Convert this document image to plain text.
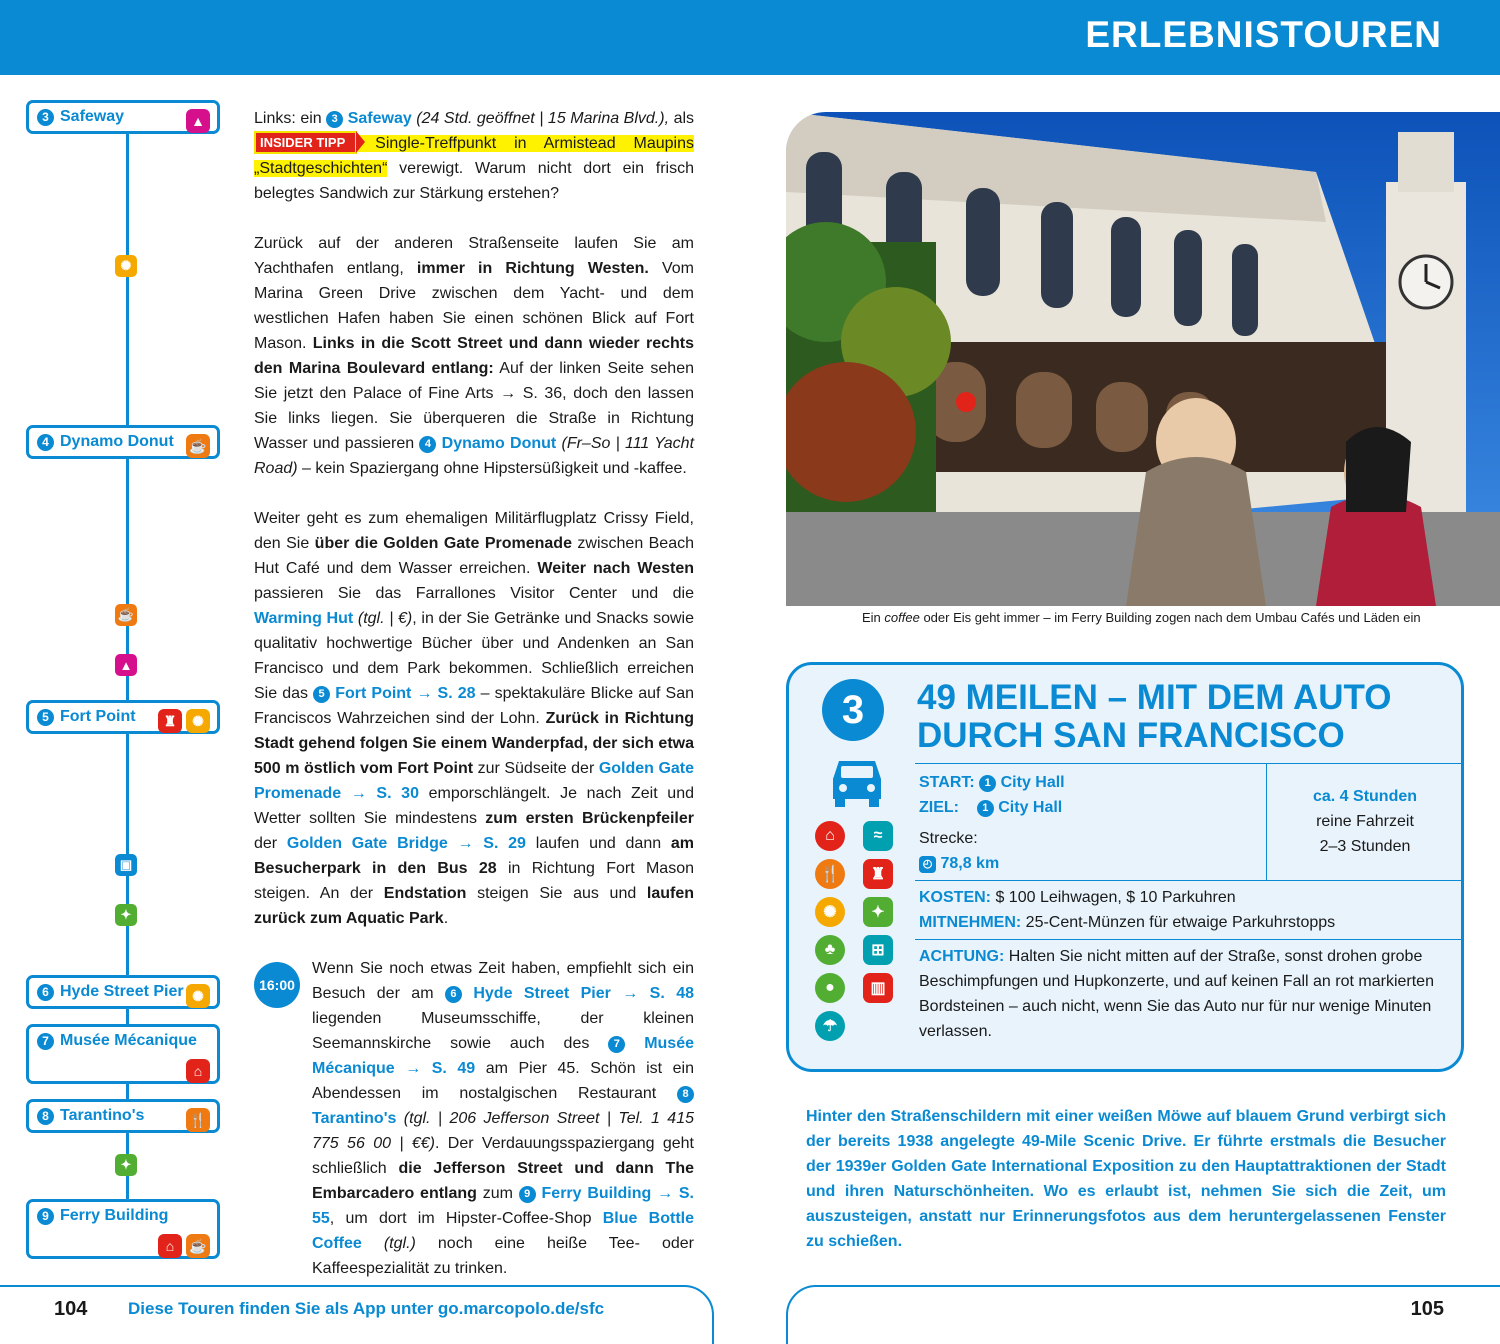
ERLEBNISTOUREN
3 Safeway	▲
✺
4 Dynamo Donut ☕
☕
▲
5 Fort Point	♜	✺
▣
✦
6 Hyde Street Pier ✺
7 Musée Mécanique
⌂
8 Tarantino's	🍴
✦
9 Ferry Building
⌂	☕

Links: ein 3 Safeway (24 Std. geöffnet | 15 Marina Blvd.), als INSIDER TIPP Single-Treffpunkt in Armistead Maupins „Stadtgeschichten“ verewigt. Warum nicht dort ein frisch belegtes Sandwich zur Stärkung erstehen?

Zurück auf der anderen Straßenseite laufen Sie am Yachthafen entlang, immer in Richtung Westen. Vom Marina Green Drive zwischen dem Yacht- und dem westlichen Hafen haben Sie einen schönen Blick auf Fort Mason. Links in die Scott Street und dann wieder rechts den Marina Boulevard entlang: Auf der linken Seite sehen Sie jetzt den Palace of Fine Arts → S. 36, doch den lassen Sie links liegen. Sie überqueren die Straße in Richtung Wasser und passieren 4 Dynamo Donut (Fr–So | 111 Yacht Road) – kein Spaziergang ohne Hipstersüßigkeit und -kaffee.

Weiter geht es zum ehemaligen Militärflugplatz Crissy Field, den Sie über die Golden Gate Promenade zwischen Beach Hut Café und dem Wasser erreichen. Weiter nach Westen passieren Sie das Farrallones Visitor Center und die Warming Hut (tgl. | €), in der Sie Getränke und Snacks sowie qualitativ hochwertige Bücher über und Andenken an San Francisco und dem Park bekommen. Schließlich erreichen Sie das 5 Fort Point → S. 28 – spektakuläre Blicke auf San Franciscos Wahrzeichen sind der Lohn. Zurück in Richtung Stadt gehend folgen Sie einem Wanderpfad, der sich etwa 500 m östlich vom Fort Point zur Südseite der Golden Gate Promenade → S. 30 emporschlängelt. Je nach Zeit und Wetter sollten Sie mindestens zum ersten Brückenpfeiler der Golden Gate Bridge → S. 29 laufen und dann am Besucherpark in den Bus 28 in Richtung Fort Mason steigen. An der Endstation steigen Sie aus und laufen zurück zum Aquatic Park.

16:00
Wenn Sie noch etwas Zeit haben, empfiehlt sich ein Besuch der am 6 Hyde Street Pier → S. 48 liegenden Museumsschiffe, der kleinen Seemannskirche sowie auch des 7 Musée Mécanique → S. 49 am Pier 45. Schön ist ein Abendessen im nostalgischen Restaurant 8 Tarantino's (tgl. | 206 Jefferson Street | Tel. 1 415 775 56 00 | €€). Der Verdauungsspaziergang geht schließlich die Jefferson Street und dann The Embarcadero entlang zum 9 Ferry Building → S. 55, um dort im Hipster-Coffee-Shop Blue Bottle Coffee (tgl.) noch eine heiße Tee- oder Kaffeespezialität zu trinken.

Ein coffee oder Eis geht immer – im Ferry Building zogen nach dem Umbau Cafés und Läden ein
3	49 MEILEN – MIT DEM AUTO DURCH SAN FRANCISCO
⌂	≈
🍴	♜
✺	✦
♣	⊞
●	▥
☂
START: 1 City Hall
ZIEL: 1 City Hall
Strecke:
◴ 78,8 km
ca. 4 Stunden
reine Fahrzeit
2–3 Stunden
KOSTEN: $ 100 Leihwagen, $ 10 Parkuhren
MITNEHMEN: 25-Cent-Münzen für etwaige Parkuhrstopps
ACHTUNG: Halten Sie nicht mitten auf der Straße, sonst drohen grobe Beschimpfungen und Hupkonzerte, und auf keinen Fall an rot markierten Bordsteinen – auch nicht, wenn Sie das Auto nur für nur wenige Minuten verlassen.
Hinter den Straßenschildern mit einer weißen Möwe auf blauem Grund verbirgt sich der bereits 1938 angelegte 49-Mile Scenic Drive. Er führte erstmals die Besucher der 1939er Golden Gate International Exposition zu den Hauptattraktionen der Stadt und ihren Naturschönheiten. Wo es erlaubt ist, nehmen Sie sich die Zeit, um auszusteigen, anstatt nur Erinnerungsfotos aus dem heruntergelassenen Fenster zu schießen.
104 Diese Touren finden Sie als App unter go.marcopolo.de/sfc	105
